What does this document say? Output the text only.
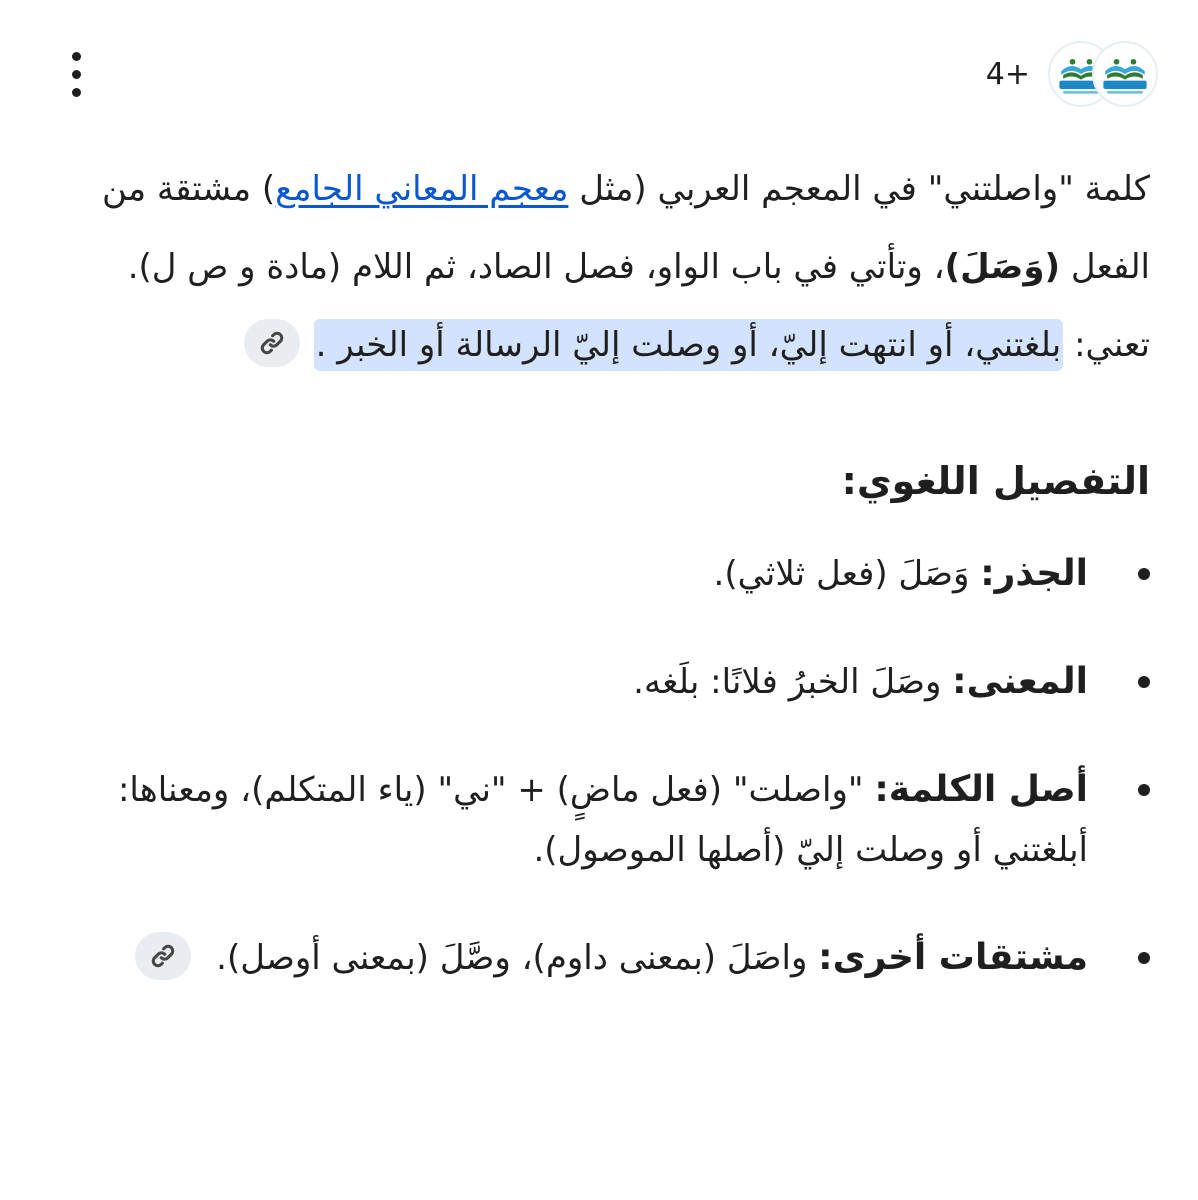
4+

كلمة "واصلتني" في المعجم العربي (مثل معجم المعاني الجامع) مشتقة من الفعل (وَصَلَ)، وتأتي في باب الواو، فصل الصاد، ثم اللام (مادة و ص ل). تعني: بلغتني، أو انتهت إليّ، أو وصلت إليّ الرسالة أو الخبر .

التفصيل اللغوي:
الجذر: وَصَلَ (فعل ثلاثي).
المعنى: وصَلَ الخبرُ فلانًا: بلَغه.
أصل الكلمة: "واصلت" (فعل ماضٍ) + "ني" (ياء المتكلم)، ومعناها: أبلغتني أو وصلت إليّ (أصلها الموصول).
مشتقات أخرى: واصَلَ (بمعنى داوم)، وصَّلَ (بمعنى أوصل).
